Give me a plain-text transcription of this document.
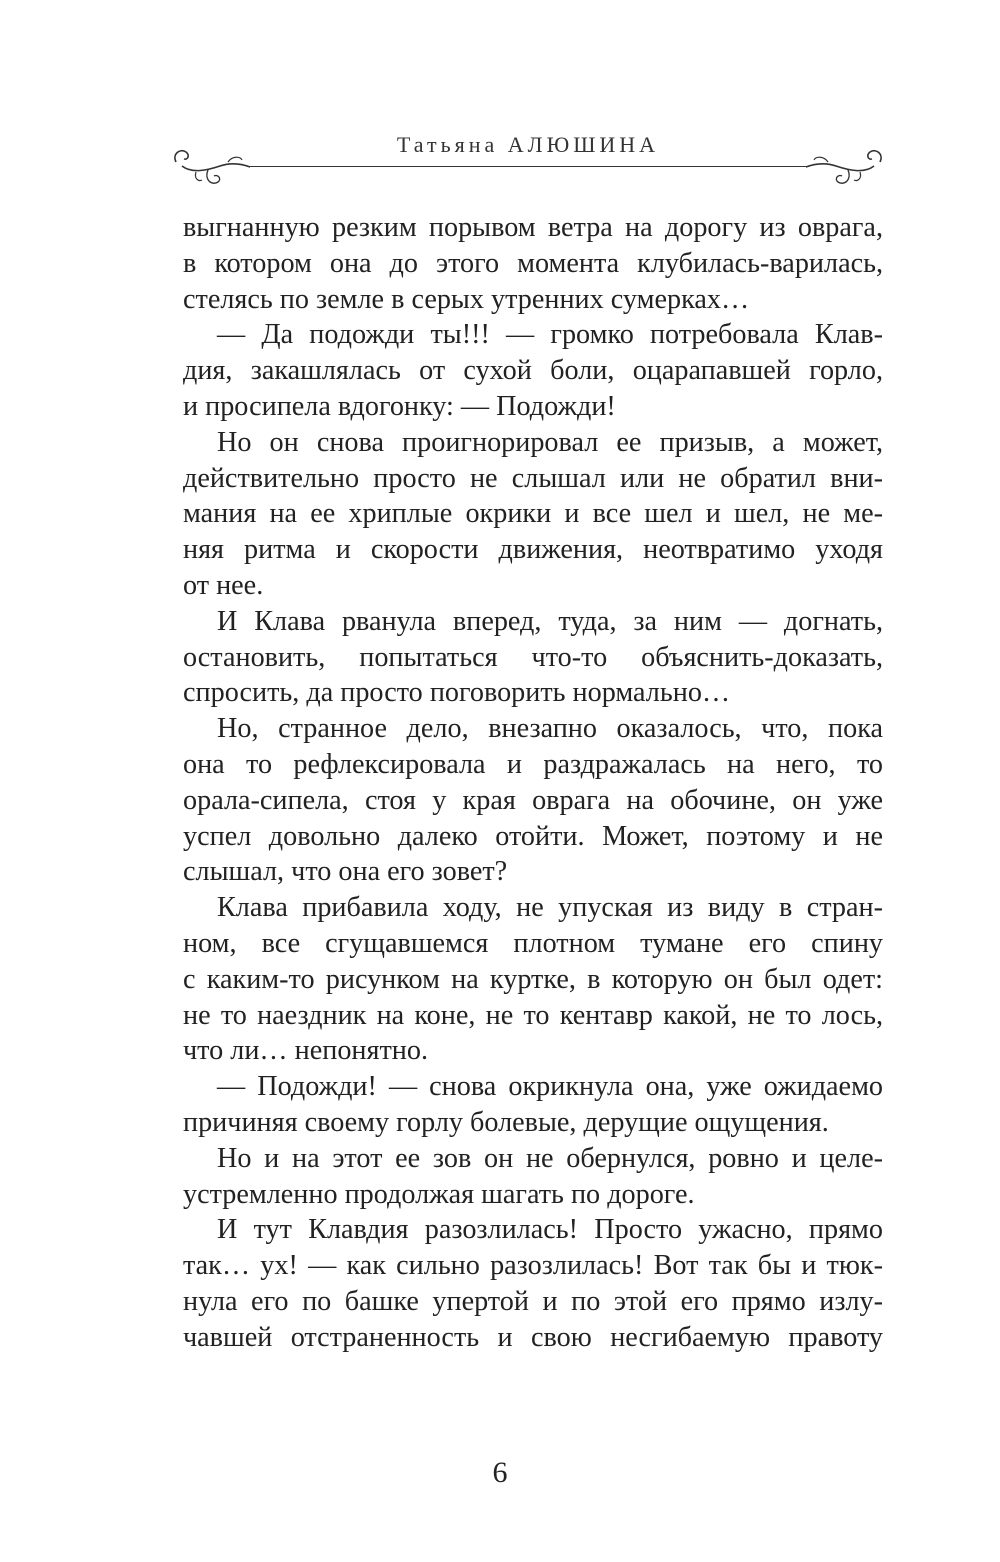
Татьяна АЛЮШИНА
выгнанную резким порывом ветра на дорогу из оврага,
в котором она до этого момента клубилась-варилась,
стелясь по земле в серых утренних сумерках…
— Да подожди ты!!! — громко потребовала Клав-
дия, закашлялась от сухой боли, оцарапавшей горло,
и просипела вдогонку: — Подожди!
Но он снова проигнорировал ее призыв, а может,
действительно просто не слышал или не обратил вни-
мания на ее хриплые окрики и все шел и шел, не ме-
няя ритма и скорости движения, неотвратимо уходя
от нее.
И Клава рванула вперед, туда, за ним — догнать,
остановить, попытаться что-то объяснить-доказать,
спросить, да просто поговорить нормально…
Но, странное дело, внезапно оказалось, что, пока
она то рефлексировала и раздражалась на него, то
орала-сипела, стоя у края оврага на обочине, он уже
успел довольно далеко отойти. Может, поэтому и не
слышал, что она его зовет?
Клава прибавила ходу, не упуская из виду в стран-
ном, все сгущавшемся плотном тумане его спину
с каким-то рисунком на куртке, в которую он был одет:
не то наездник на коне, не то кентавр какой, не то лось,
что ли… непонятно.
— Подожди! — снова окрикнула она, уже ожидаемо
причиняя своему горлу болевые, дерущие ощущения.
Но и на этот ее зов он не обернулся, ровно и целе-
устремленно продолжая шагать по дороге.
И тут Клавдия разозлилась! Просто ужасно, прямо
так… ух! — как сильно разозлилась! Вот так бы и тюк-
нула его по башке упертой и по этой его прямо излу-
чавшей отстраненность и свою несгибаемую правоту
6
